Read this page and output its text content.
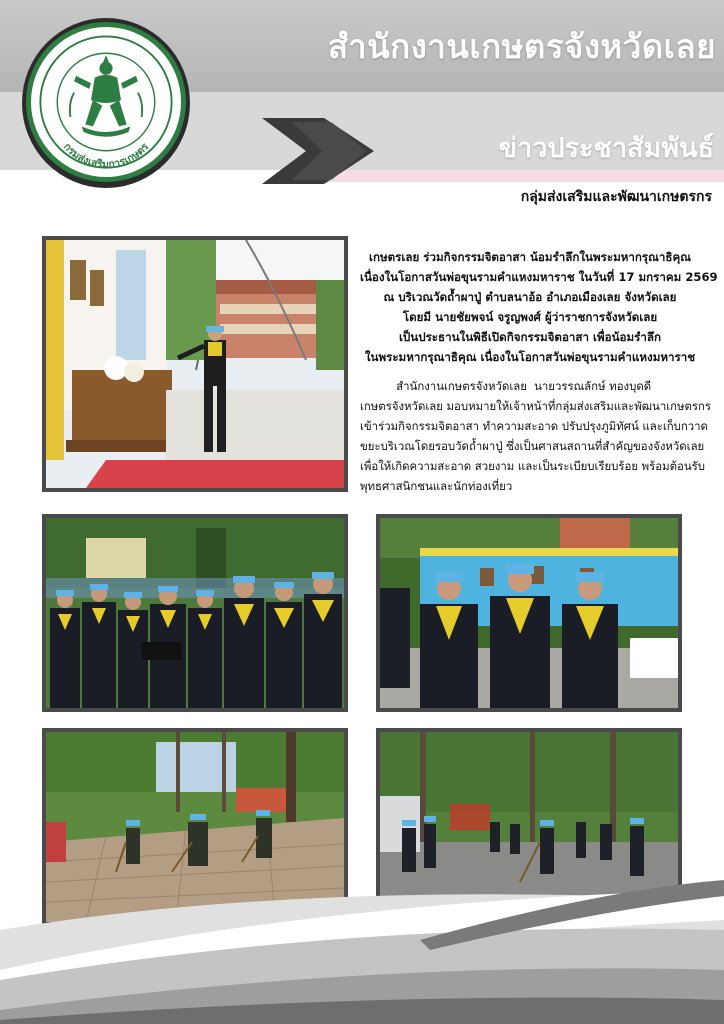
กรมส่งเสริมการเกษตร
สำนักงานเกษตรจังหวัดเลย
ข่าวประชาสัมพันธ์
กลุ่มส่งเสริมและพัฒนาเกษตรกร
เกษตรเลย ร่วมกิจกรรมจิตอาสา น้อมรำลึกในพระมหากรุณาธิคุณ
เนื่องในโอกาสวันพ่อขุนรามคำแหงมหาราช ในวันที่ 17 มกราคม 2569
ณ บริเวณวัดถ้ำผาปู่ ตำบลนาอ้อ อำเภอเมืองเลย จังหวัดเลย
โดยมี นายชัยพจน์ จรูญพงศ์ ผู้ว่าราชการจังหวัดเลย
เป็นประธานในพิธีเปิดกิจกรรมจิตอาสา เพื่อน้อมรำลึก
ในพระมหากรุณาธิคุณ เนื่องในโอกาสวันพ่อขุนรามคำแหงมหาราช
สำนักงานเกษตรจังหวัดเลย  นายวรรณลักษ์ ทองบุดดี
เกษตรจังหวัดเลย มอบหมายให้เจ้าหน้าที่กลุ่มส่งเสริมและพัฒนาเกษตรกร
เข้าร่วมกิจกรรมจิตอาสา ทำความสะอาด ปรับปรุงภูมิทัศน์ และเก็บกวาด
ขยะบริเวณโดยรอบวัดถ้ำผาปู่ ซึ่งเป็นศาสนสถานที่สำคัญของจังหวัดเลย
เพื่อให้เกิดความสะอาด สวยงาม และเป็นระเบียบเรียบร้อย พร้อมต้อนรับ
พุทธศาสนิกชนและนักท่องเที่ยว
